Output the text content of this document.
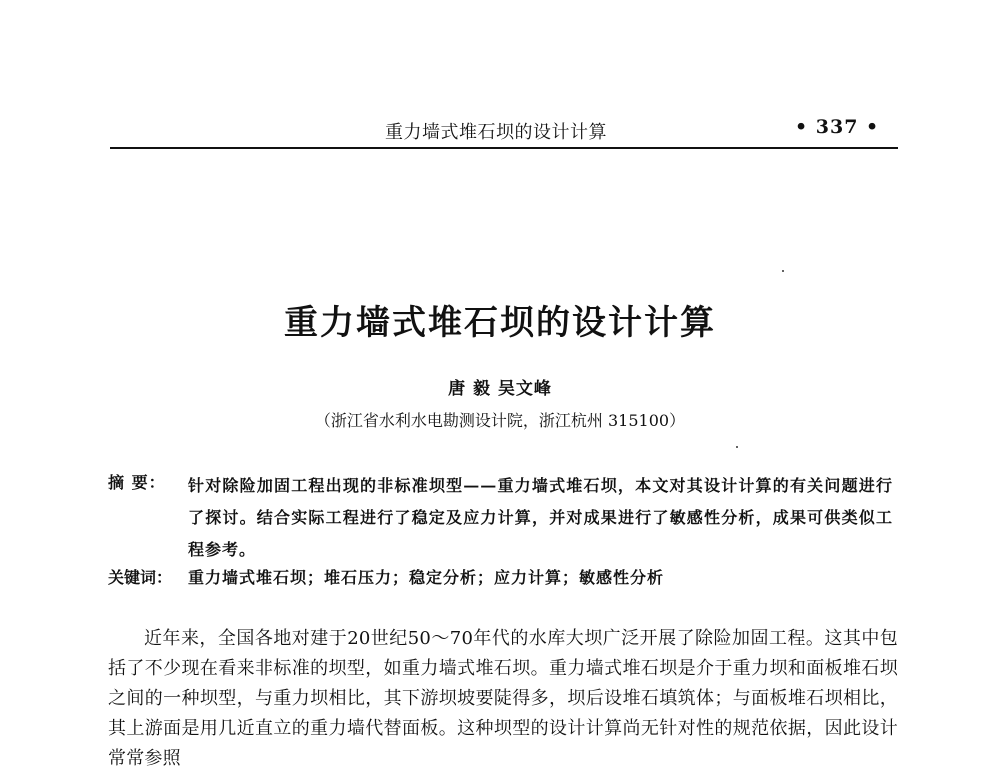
重力墙式堆石坝的设计计算	• 337 •
重力墙式堆石坝的设计计算
唐 毅 吴文峰
（浙江省水利水电勘测设计院，浙江杭州 315100）
摘 要： 针对除险加固工程出现的非标准坝型——重力墙式堆石坝，本文对其设计计算的有关问题进行了探讨。结合实际工程进行了稳定及应力计算，并对成果进行了敏感性分析，成果可供类似工程参考。
关键词： 重力墙式堆石坝；堆石压力；稳定分析；应力计算；敏感性分析
近年来，全国各地对建于20世纪50～70年代的水库大坝广泛开展了除险加固工程。这其中包括了不少现在看来非标准的坝型，如重力墙式堆石坝。重力墙式堆石坝是介于重力坝和面板堆石坝之间的一种坝型，与重力坝相比，其下游坝坡要陡得多，坝后设堆石填筑体；与面板堆石坝相比，其上游面是用几近直立的重力墙代替面板。这种坝型的设计计算尚无针对性的规范依据，因此设计常常参照
